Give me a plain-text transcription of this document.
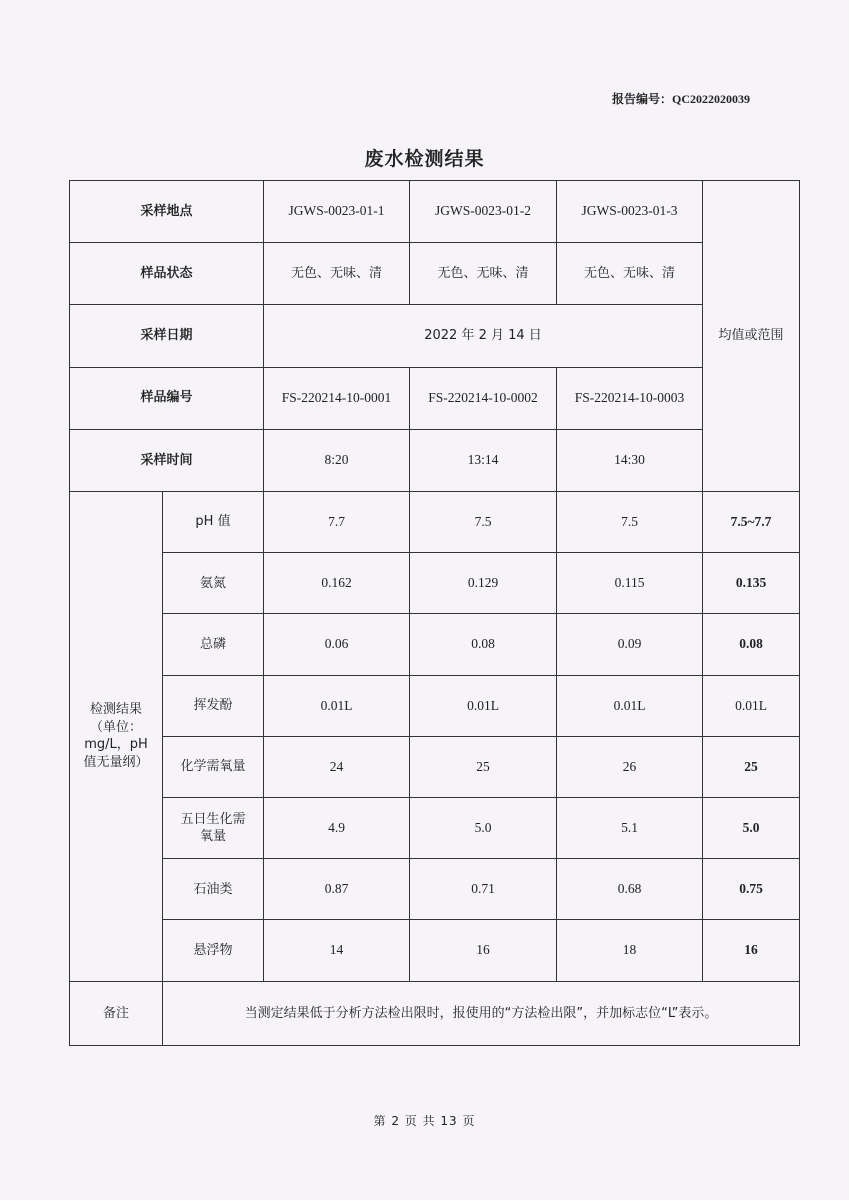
报告编号：QC2022020039
废水检测结果
采样地点		JGWS-0023-01-1	JGWS-0023-01-2	JGWS-0023-01-3	均值或范围
样品状态		无色、无味、清	无色、无味、清	无色、无味、清	
采样日期		2022 年 2 月 14 日			
样品编号		FS-220214-10-0001	FS-220214-10-0002	FS-220214-10-0003	
采样时间		8:20	13:14	14:30	

检测结果
（单位：
mg/L，pH
值无量纲）	pH 值	7.7	7.5	7.5	7.5~7.7
	氨氮	0.162	0.129	0.115	0.135
	总磷	0.06	0.08	0.09	0.08
	挥发酚	0.01L	0.01L	0.01L	0.01L
	化学需氧量	24	25	26	25

	五日生化需
氧量	4.9	5.0	5.1	5.0
	石油类	0.87	0.71	0.68	0.75
	悬浮物	14	16	18	16
备注	当测定结果低于分析方法检出限时，报使用的“方法检出限”，并加标志位“L”表示。				
第 2 页 共 13 页
